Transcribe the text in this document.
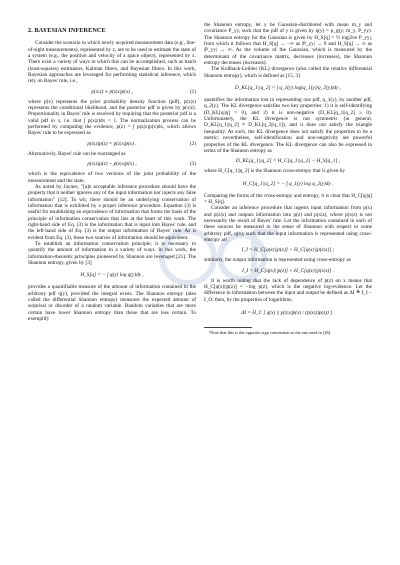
2. BAYESIAN INFERENCE

Consider the scenario in which newly acquired measurement data (e.g., line-of-sight measurements), represented by z, are to be used to estimate the state of a system (e.g., the position and velocity of a space object), represented by x. There exist a variety of ways in which this can be accomplished, such as batch (least-squares) estimators, Kalman filters, and Bayesian filters. In this work, Bayesian approaches are leveraged for performing statistical inference, which rely on Bayes' rule, i.e.,

p(x|z) ∝ p(z|x)p(x) ,	(1)

where p(x) represents the prior probability density function (pdf), p(z|x) represents the conditional likelihood, and the posterior pdf is given by p(x|z). Proportionality in Bayes' rule is resolved by requiring that the posterior pdf is a valid pdf in x, i.e. that ∫ p(x|z)dx = 1. The normalization process can be performed by computing the evidence, p(z) = ∫ p(z|x)p(x)dx, which allows Bayes' rule to be expressed as

p(x|z)p(z) = p(z|x)p(x) .	(2)

Alternatively, Bayes' rule can be rearranged as

p(x|z)p(z) − p(z|x)p(x) ,	(3)

which is the equivalence of two versions of the joint probability of the measurement and the state.

As noted by Jaynes, "[a]n acceptable inference procedure should have the property that it neither ignores any of the input information nor injects any false information" [12]. To wit, there should be an underlying conservation of information that is exhibited by a proper inference procedure. Equation (3) is useful for establishing an equivalence of information that forms the basis of the principle of information conservation that lies at the heart of this work. The right-hand side of Eq. (3) is the information that is input into Bayes' rule, and the left-hand side of Eq. (3) is the output information of Bayes' rule. As is evident from Eq. (3), these two sources of information should be equivalent.

To establish an information conservation principle, it is necessary to quantify the amount of information in a variety of ways. In this work, the information-theoretic principles pioneered by Shannon are leveraged [21]. The Shannon entropy, given by [3]

H_S[q] = − ∫ q(y) log q(y)dy ,

provides a quantifiable measure of the amount of information contained in the arbitrary pdf q(y), provided the integral exists. The Shannon entropy (also called the differential Shannon entropy) measures the expected amount of surprisal or disorder of a random variable. Random variables that are more certain have lower Shannon entropy than those that are less certain. To exemplify

the Shannon entropy, let y be Gaussian-distributed with mean m_y and covariance P_yy, such that the pdf of y is given by q(y) = p_g(y; m_y, P_yy). The Shannon entropy for the Gaussian is given by H_S[q] = ½ log|2πe P_yy|, from which it follows that H_S[q] → −∞ as |P_yy| → 0 and H_S[q] → ∞ as |P_yy| → ∞. As the volume of the Gaussian, which is measured by the determinant of the covariance matrix, decreases (increases), the Shannon entropy decreases (increases).

The Kullback-Leibler (KL) divergence (also called the relative differential Shannon entropy), which is defined as [15, 3]

D_KL[q_1||q_2] = ∫ q_1(y) log(q_1(y)/q_2(y))dy ,

quantifies the information lost in representing one pdf, q_1(y), by another pdf, q_2(y). The KL divergence satisfies two key properties: 1) it is self-identifying (D_KL[q||q] = 0), and 2) it is non-negative (D_KL[q_1||q_2] ≥ 0). Unfortunately, the KL divergence is not symmetric (in general, D_KL[q_1||q_2] ≠ D_KL[q_2||q_1]), and it does not satisfy the triangle inequality. As such, the KL divergence does not satisfy the properties to be a metric; nevertheless, self-identification and non-negativity are powerful properties of the KL divergence. The KL divergence can also be expressed in terms of the Shannon entropy as

D_KL[q_1||q_2] = H_C[q_1||q_2] − H_S[q_1] ,

where H_C[q_1||q_2] is the Shannon cross-entropy that is given by

H_C[q_1||q_2] = − ∫ q_1(y) log q_2(y)dy .

Comparing the forms of the cross-entropy and entropy, it is clear that H_C[q||q] = H_S[q].

Consider an inference procedure that ingests input information from p(x) and p(z|x) and outputs information into p(z) and p(x|z), where p(x|z) is not necessarily the result of Bayes' rule. Let the information contained in each of these sources be measured in the sense of Shannon with respect to some arbitrary pdf, q(x), such that the input information is represented using cross-entropy as¹,

I_I = H_C[q(x)||p(x)] + H_C[q(x)||p(z|x)] ;

similarly, the output information is represented using cross-entropy as

I_I = H_C[q(x)||p(z)] + H_C[q(x)||p(x|z)] .

It is worth noting that the lack of dependence of p(z) on x means that H_C[q(x)||p(z)] = −log p(z), which is the negative log-evidence. Let the difference in information between the input and output be defined as ΔI ≜ I_I − I_O; then, by the properties of logarithms,

ΔI = H_C [ q(x) || p(z|x)p(x) / (p(x|z)p(z)) ] .

¹Note that this is the opposite sign convention as the one used in [26].
